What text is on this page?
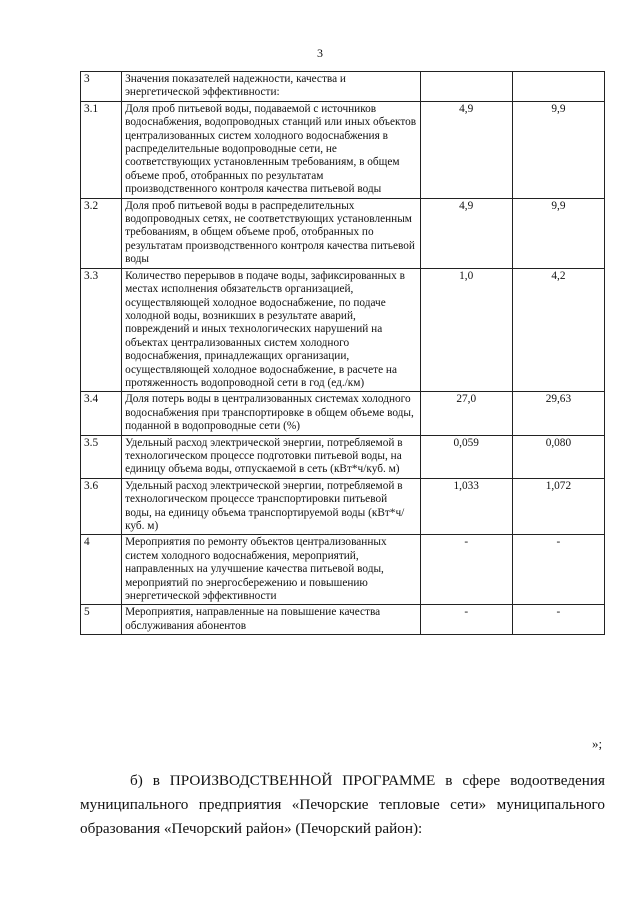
3
3	Значения показателей надежности, качества и энергетической эффективности:		
3.1	Доля проб питьевой воды, подаваемой с источников водоснабжения, водопроводных станций или иных объектов централизованных систем холодного водоснабжения в распределительные водопроводные сети, не соответствующих установленным требованиям, в общем объеме проб, отобранных по результатам производственного контроля качества питьевой воды	4,9	9,9
3.2	Доля проб питьевой воды в распределительных водопроводных сетях, не соответствующих установленным требованиям, в общем объеме проб, отобранных по результатам производственного контроля качества питьевой воды	4,9	9,9
3.3	Количество перерывов в подаче воды, зафиксированных в местах исполнения обязательств организацией, осуществляющей холодное водоснабжение, по подаче холодной воды, возникших в результате аварий, повреждений и иных технологических нарушений на объектах централизованных систем холодного водоснабжения, принадлежащих организации, осуществляющей холодное водоснабжение, в расчете на протяженность водопроводной сети в год (ед./км)	1,0	4,2
3.4	Доля потерь воды в централизованных системах холодного водоснабжения при транспортировке в общем объеме воды, поданной в водопроводные сети (%)	27,0	29,63
3.5	Удельный расход электрической энергии, потребляемой в технологическом процессе подготовки питьевой воды, на единицу объема воды, отпускаемой в сеть (кВт*ч/куб. м)	0,059	0,080
3.6	Удельный расход электрической энергии, потребляемой в технологическом процессе транспортировки питьевой воды, на единицу объема транспортируемой воды (кВт*ч/куб. м)	1,033	1,072
4	Мероприятия по ремонту объектов централизованных систем холодного водоснабжения, мероприятий, направленных на улучшение качества питьевой воды, мероприятий по энергосбережению и повышению энергетической эффективности	-	-
5	Мероприятия, направленные на повышение качества обслуживания абонентов	-	-
»;

б) в ПРОИЗВОДСТВЕННОЙ ПРОГРАММЕ в сфере водоотведения муниципального предприятия «Печорские тепловые сети» муниципального образования «Печорский район» (Печорский район):
